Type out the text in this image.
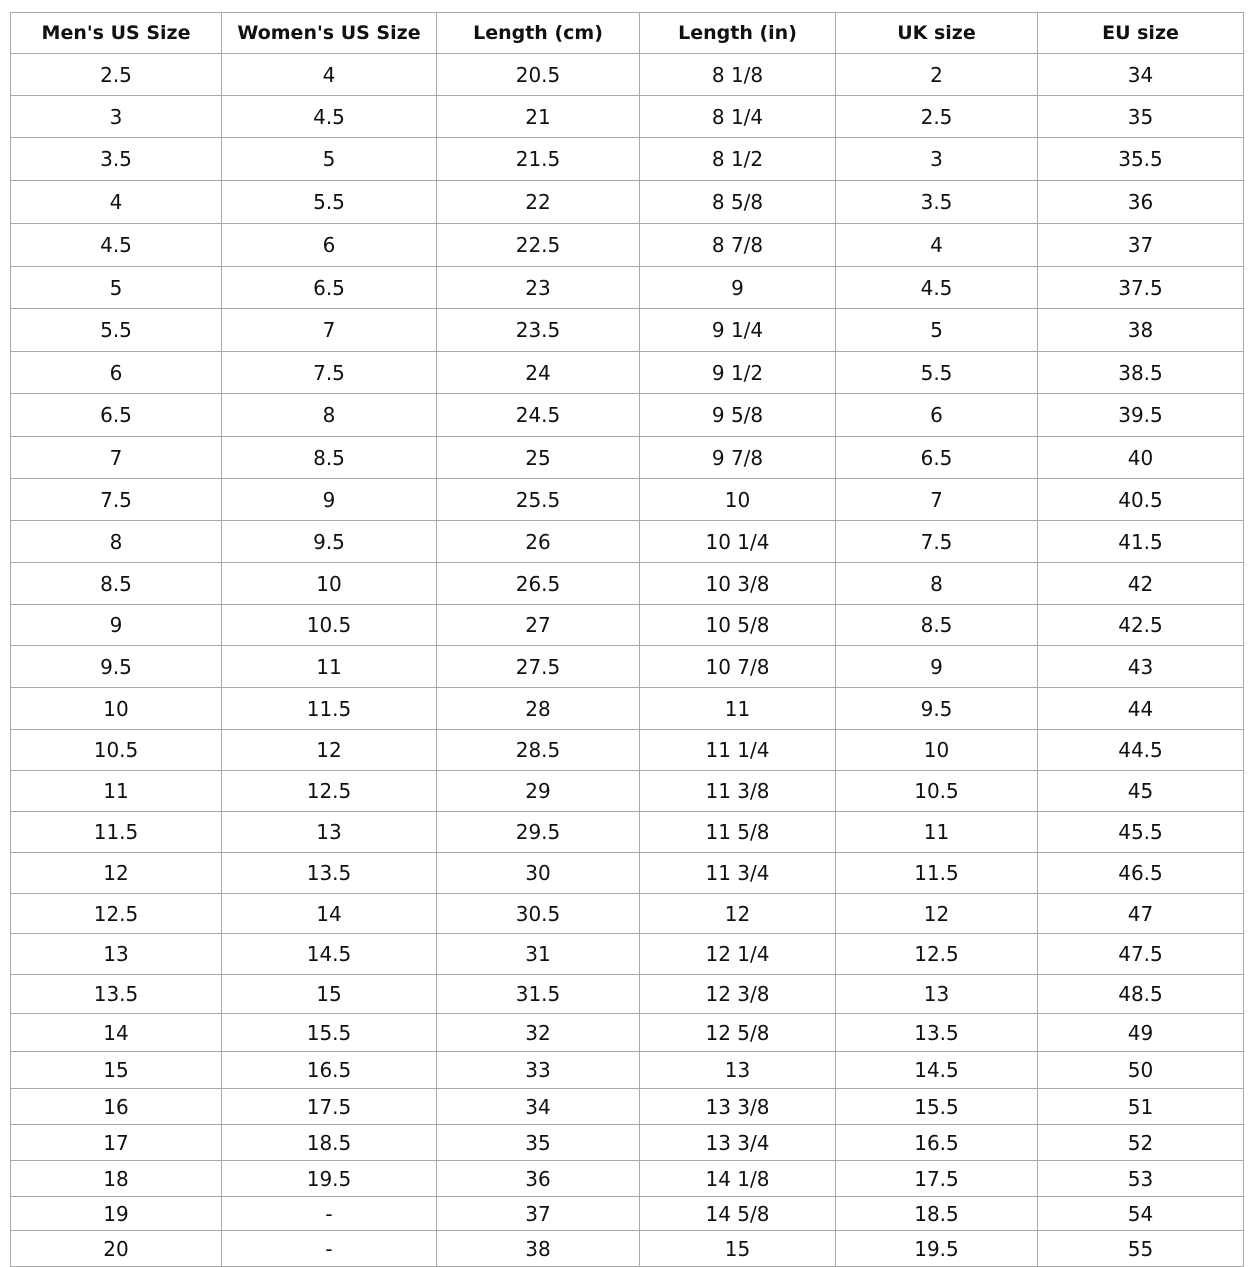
Men's US Size	Women's US Size	Length (cm)	Length (in)	UK size	EU size
2.5	4	20.5	8 1/8	2	34
3	4.5	21	8 1/4	2.5	35
3.5	5	21.5	8 1/2	3	35.5
4	5.5	22	8 5/8	3.5	36
4.5	6	22.5	8 7/8	4	37
5	6.5	23	9	4.5	37.5
5.5	7	23.5	9 1/4	5	38
6	7.5	24	9 1/2	5.5	38.5
6.5	8	24.5	9 5/8	6	39.5
7	8.5	25	9 7/8	6.5	40
7.5	9	25.5	10	7	40.5
8	9.5	26	10 1/4	7.5	41.5
8.5	10	26.5	10 3/8	8	42
9	10.5	27	10 5/8	8.5	42.5
9.5	11	27.5	10 7/8	9	43
10	11.5	28	11	9.5	44
10.5	12	28.5	11 1/4	10	44.5
11	12.5	29	11 3/8	10.5	45
11.5	13	29.5	11 5/8	11	45.5
12	13.5	30	11 3/4	11.5	46.5
12.5	14	30.5	12	12	47
13	14.5	31	12 1/4	12.5	47.5
13.5	15	31.5	12 3/8	13	48.5
14	15.5	32	12 5/8	13.5	49
15	16.5	33	13	14.5	50
16	17.5	34	13 3/8	15.5	51
17	18.5	35	13 3/4	16.5	52
18	19.5	36	14 1/8	17.5	53
19	-	37	14 5/8	18.5	54
20	-	38	15	19.5	55
